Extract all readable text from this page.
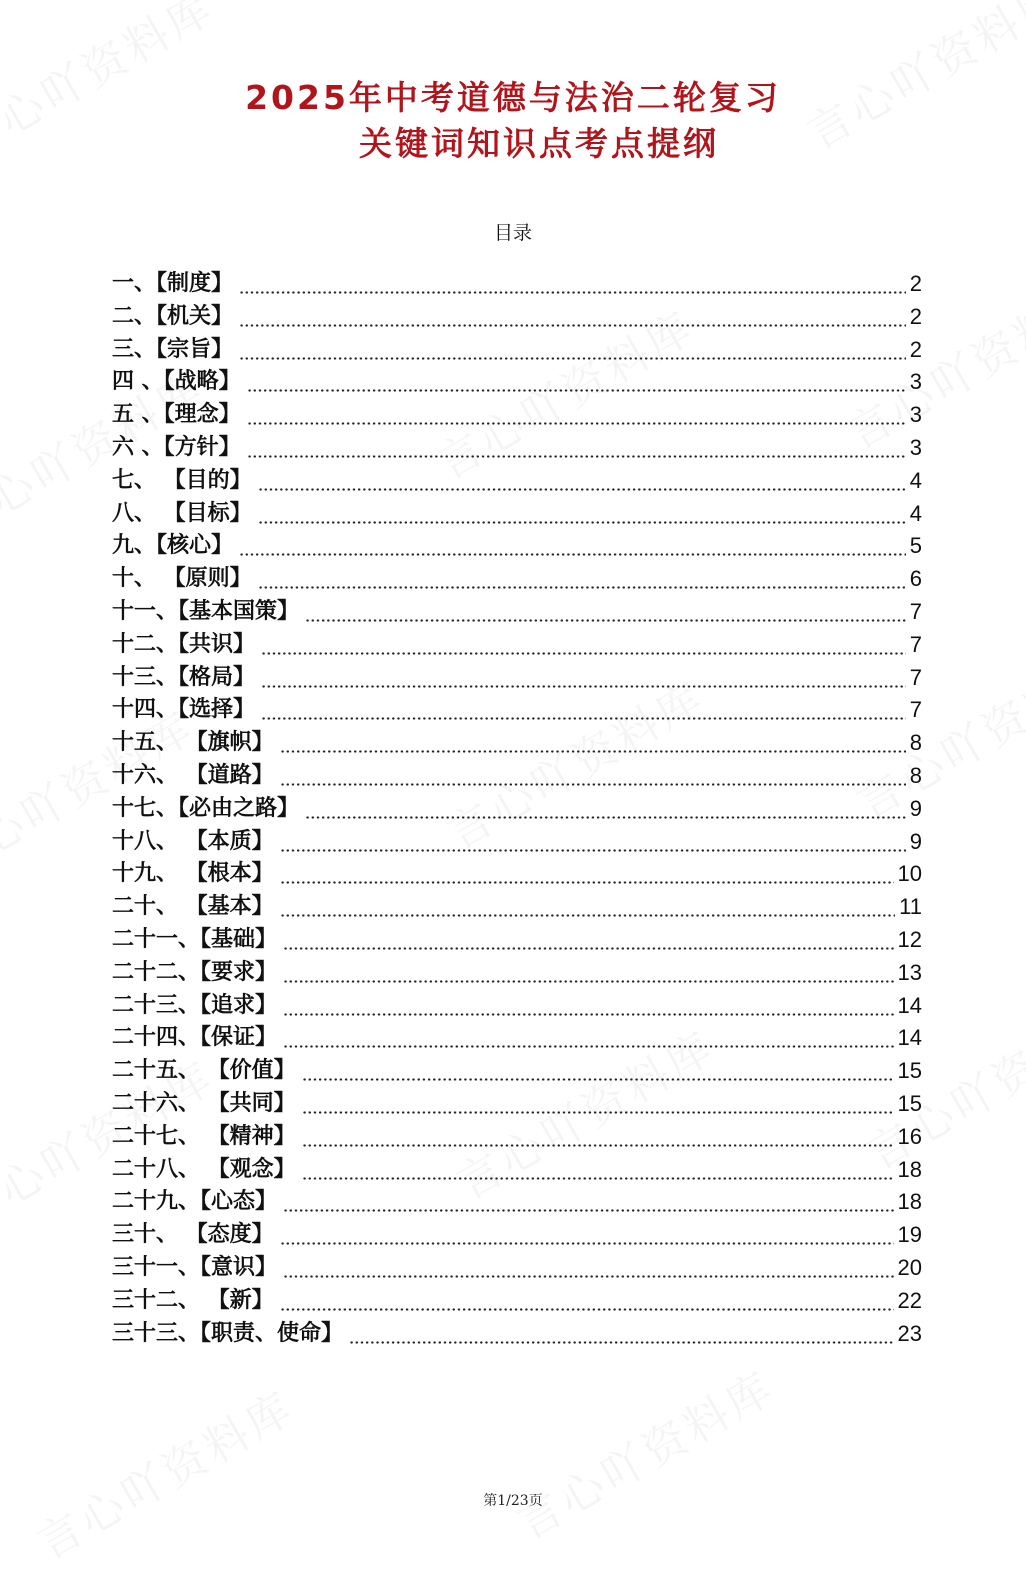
2025年中考道德与法治二轮复习
关键词知识点考点提纲
目录
一、【制度】	2
二、【机关】	2
三、【宗旨】	2
四 、【战略】	3
五 、【理念】	3
六 、【方针】	3
七、 【目的】	4
八、 【目标】	4
九、【核心】	5
十、 【原则】	6
十一、【基本国策】	7
十二、【共识】	7
十三、【格局】	7
十四、【选择】	7
十五、 【旗帜】	8
十六、 【道路】	8
十七、【必由之路】	9
十八、 【本质】	9
十九、 【根本】	10
二十、 【基本】	11
二十一、【基础】	12
二十二、【要求】	13
二十三、【追求】	14
二十四、【保证】	14
二十五、 【价值】	15
二十六、 【共同】	15
二十七、 【精神】	16
二十八、 【观念】	18
二十九、【心态】	18
三十、 【态度】	19
三十一、【意识】	20
三十二、 【新】	22
三十三、【职责、使命】	23
第1/23页
